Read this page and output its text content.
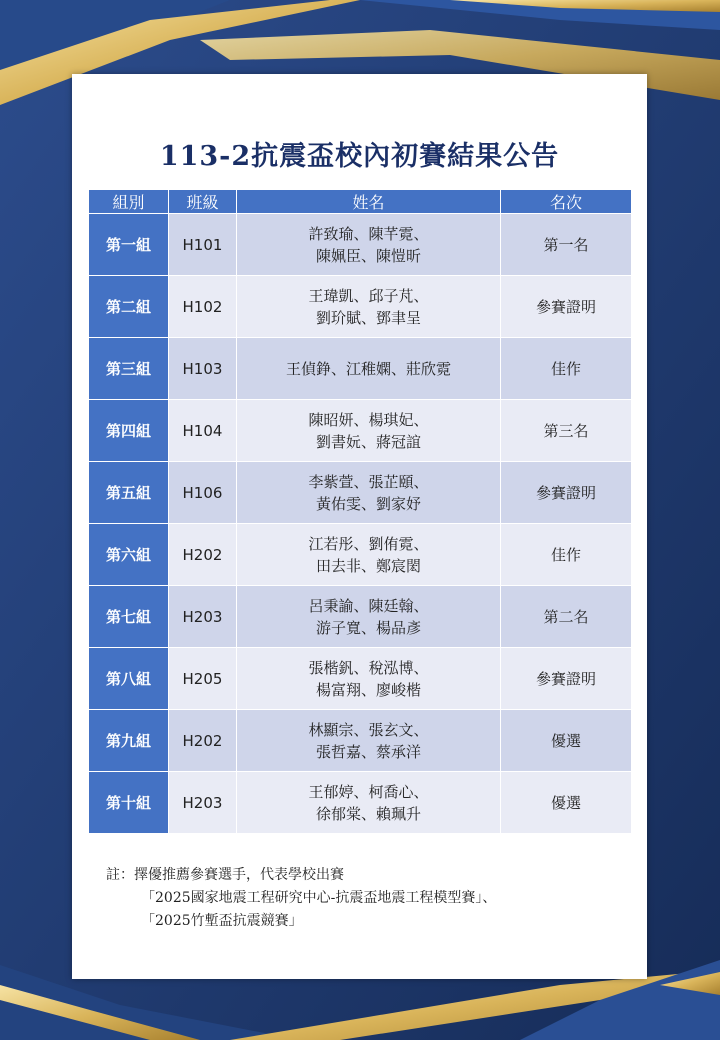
113-2抗震盃校內初賽結果公告
組別	班級	姓名	名次
第一組	H101	許致瑜、陳芊霓、
陳姵臣、陳愷昕	第一名
第二組	H102	王瑋凱、邱子芃、
劉玠賦、鄧聿呈	參賽證明
第三組	H103	王偵錚、江稚嫻、莊欣霓	佳作
第四組	H104	陳昭妍、楊琪妃、
劉書妧、蔣冠誼	第三名
第五組	H106	李紫萱、張芷頤、
黃佑雯、劉家妤	參賽證明
第六組	H202	江若彤、劉侑霓、
田去非、鄭宸閎	佳作
第七組	H203	呂秉諭、陳廷翰、
游子寬、楊品彥	第二名
第八組	H205	張楷釩、稅泓博、
楊富翔、廖峻楷	參賽證明
第九組	H202	林顯宗、張玄文、
張哲嘉、蔡承洋	優選
第十組	H203	王郁婷、柯喬心、
徐郁棠、賴珮升	優選
註：擇優推薦參賽選手，代表學校出賽
「2025國家地震工程研究中心-抗震盃地震工程模型賽」、
「2025竹塹盃抗震競賽」
